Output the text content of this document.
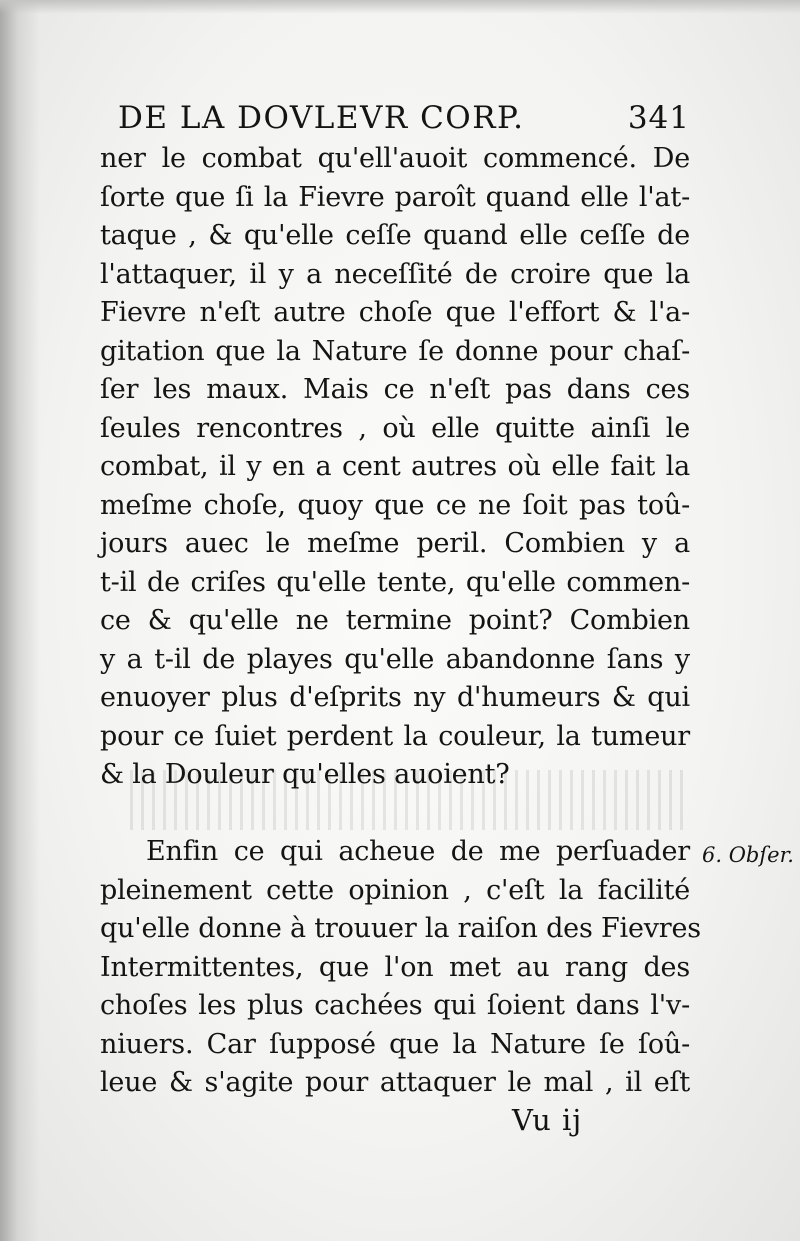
DE LA DOVLEVR CORP.	341
ner le combat qu'ell'auoit commencé. De
ſorte que ſi la Fievre paroît quand elle l'at-
taque , & qu'elle ceſſe quand elle ceſſe de
l'attaquer, il y a neceſſité de croire que la
Fievre n'eſt autre choſe que l'effort & l'a-
gitation que la Nature ſe donne pour chaſ-
ſer les maux. Mais ce n'eſt pas dans ces
ſeules rencontres , où elle quitte ainſi le
combat, il y en a cent autres où elle fait la
meſme choſe, quoy que ce ne ſoit pas toû-
jours auec le meſme peril. Combien y a
t-il de criſes qu'elle tente, qu'elle commen-
ce & qu'elle ne termine point? Combien
y a t-il de playes qu'elle abandonne ſans y
enuoyer plus d'eſprits ny d'humeurs & qui
pour ce ſuiet perdent la couleur, la tumeur
& la Douleur qu'elles auoient?
Enfin ce qui acheue de me perſuader
pleinement cette opinion , c'eſt la facilité
qu'elle donne à trouuer la raiſon des Fievres
Intermittentes, que l'on met au rang des
choſes les plus cachées qui ſoient dans l'v-
niuers. Car ſupposé que la Nature ſe ſoû-
leue & s'agite pour attaquer le mal , il eſt
6. Obſer.
Vu ij
